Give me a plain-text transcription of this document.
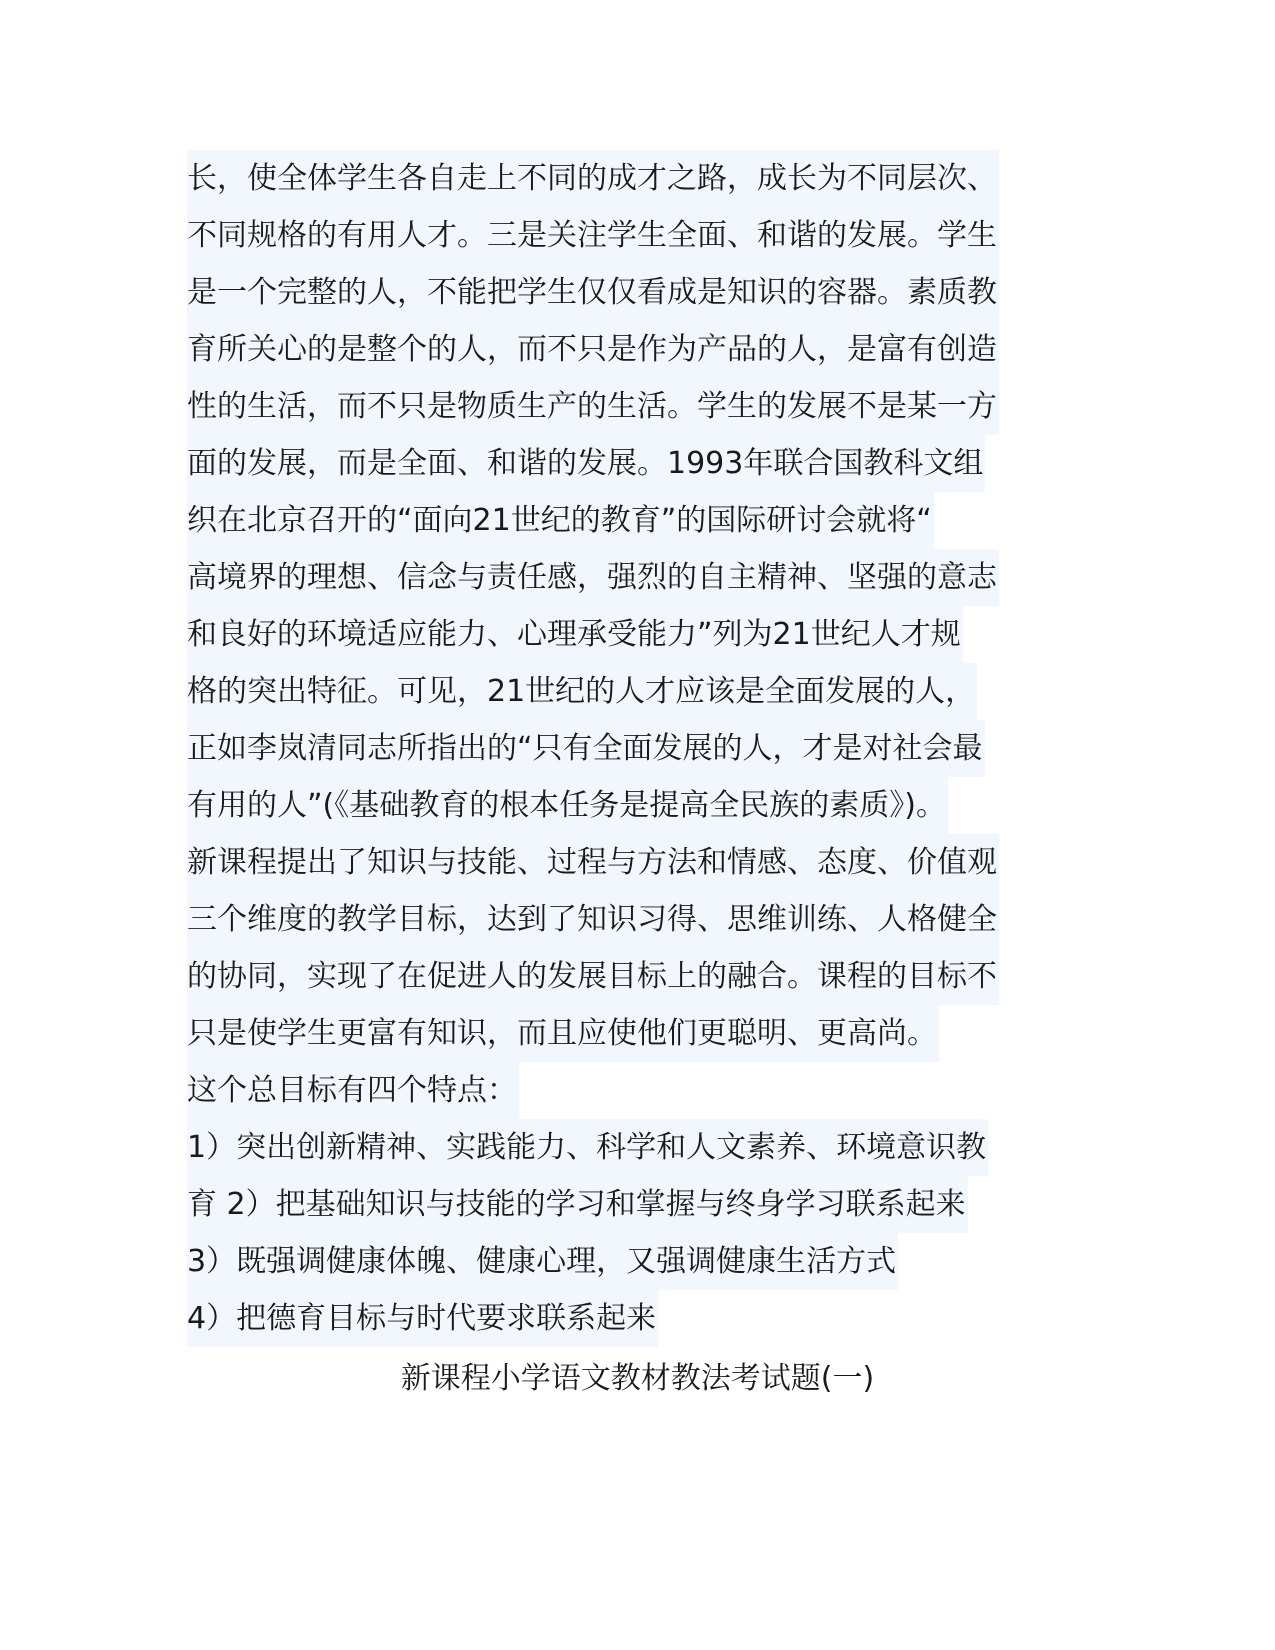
长，使全体学生各自走上不同的成才之路，成长为不同层次、
不同规格的有用人才。三是关注学生全面、和谐的发展。学生
是一个完整的人，不能把学生仅仅看成是知识的容器。素质教
育所关心的是整个的人，而不只是作为产品的人，是富有创造
性的生活，而不只是物质生产的生活。学生的发展不是某一方
面的发展，而是全面、和谐的发展。1993年联合国教科文组
织在北京召开的“面向21世纪的教育”的国际研讨会就将“
高境界的理想、信念与责任感，强烈的自主精神、坚强的意志
和良好的环境适应能力、心理承受能力”列为21世纪人才规
格的突出特征。可见，21世纪的人才应该是全面发展的人，
正如李岚清同志所指出的“只有全面发展的人，才是对社会最
有用的人”(《基础教育的根本任务是提高全民族的素质》)。
新课程提出了知识与技能、过程与方法和情感、态度、价值观
三个维度的教学目标，达到了知识习得、思维训练、人格健全
的协同，实现了在促进人的发展目标上的融合。课程的目标不
只是使学生更富有知识，而且应使他们更聪明、更高尚。
这个总目标有四个特点：
1）突出创新精神、实践能力、科学和人文素养、环境意识教
育 2）把基础知识与技能的学习和掌握与终身学习联系起来
3）既强调健康体魄、健康心理，又强调健康生活方式
4）把德育目标与时代要求联系起来
新课程小学语文教材教法考试题(一)
